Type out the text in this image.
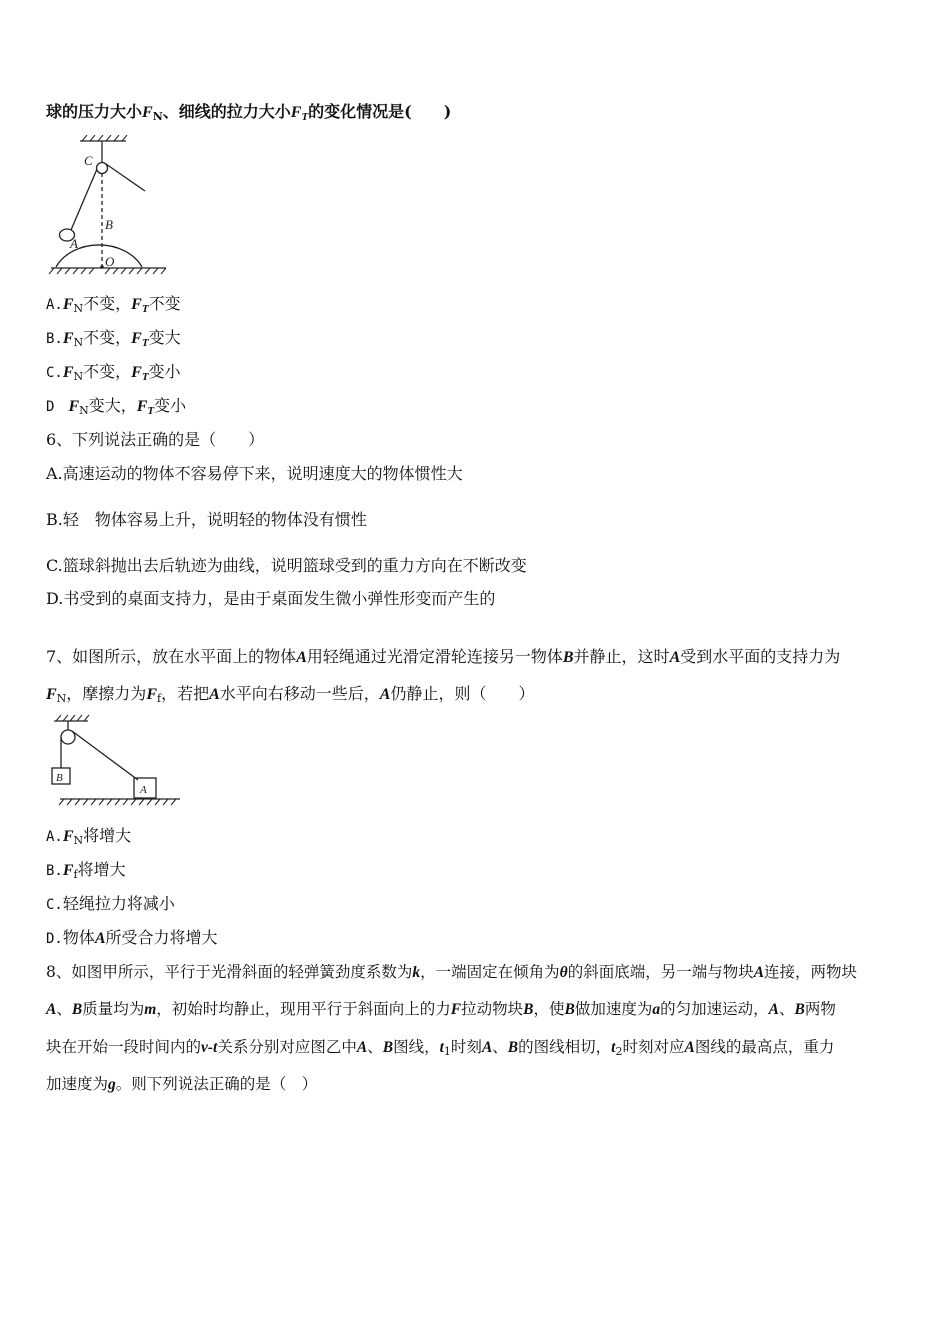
球的压力大小$F_N$、细线的拉力大小$F_T$的变化情况是(　　)
C
B
A
O
$A.F_N$不变，$F_T$不变
$B.F_N$不变，$F_T$变大
$C.F_N$不变，$F_T$变小
D　$F_N$变大，$F_T$变小
6、下列说法正确的是（　　）
A.高速运动的物体不容易停下来，说明速度大的物体惯性大
B.轻　物体容易上升，说明轻的物体没有惯性
C.篮球斜抛出去后轨迹为曲线，说明篮球受到的重力方向在不断改变
D.书受到的桌面支持力，是由于桌面发生微小弹性形变而产生的
7、如图所示，放在水平面上的物体A用轻绳通过光滑定滑轮连接另一物体B并静止，这时A受到水平面的支持力为
$F_N$，摩擦力为$F_f$，若把A水平向右移动一些后，A仍静止，则（　　）
B
A
$A.F_N$将增大
$B.F_f$将增大
C.轻绳拉力将减小
D.物体A所受合力将增大
8、如图甲所示，平行于光滑斜面的轻弹簧劲度系数为k，一端固定在倾角为θ的斜面底端，另一端与物块A连接，两物块
A、B质量均为m，初始时均静止，现用平行于斜面向上的力F拉动物块B，使B做加速度为a的匀加速运动，A、B两物
块在开始一段时间内的v-t关系分别对应图乙中A、B图线，$t_1$时刻A、B的图线相切，$t_2$时刻对应A图线的最高点，重力
加速度为g。则下列说法正确的是（　）
